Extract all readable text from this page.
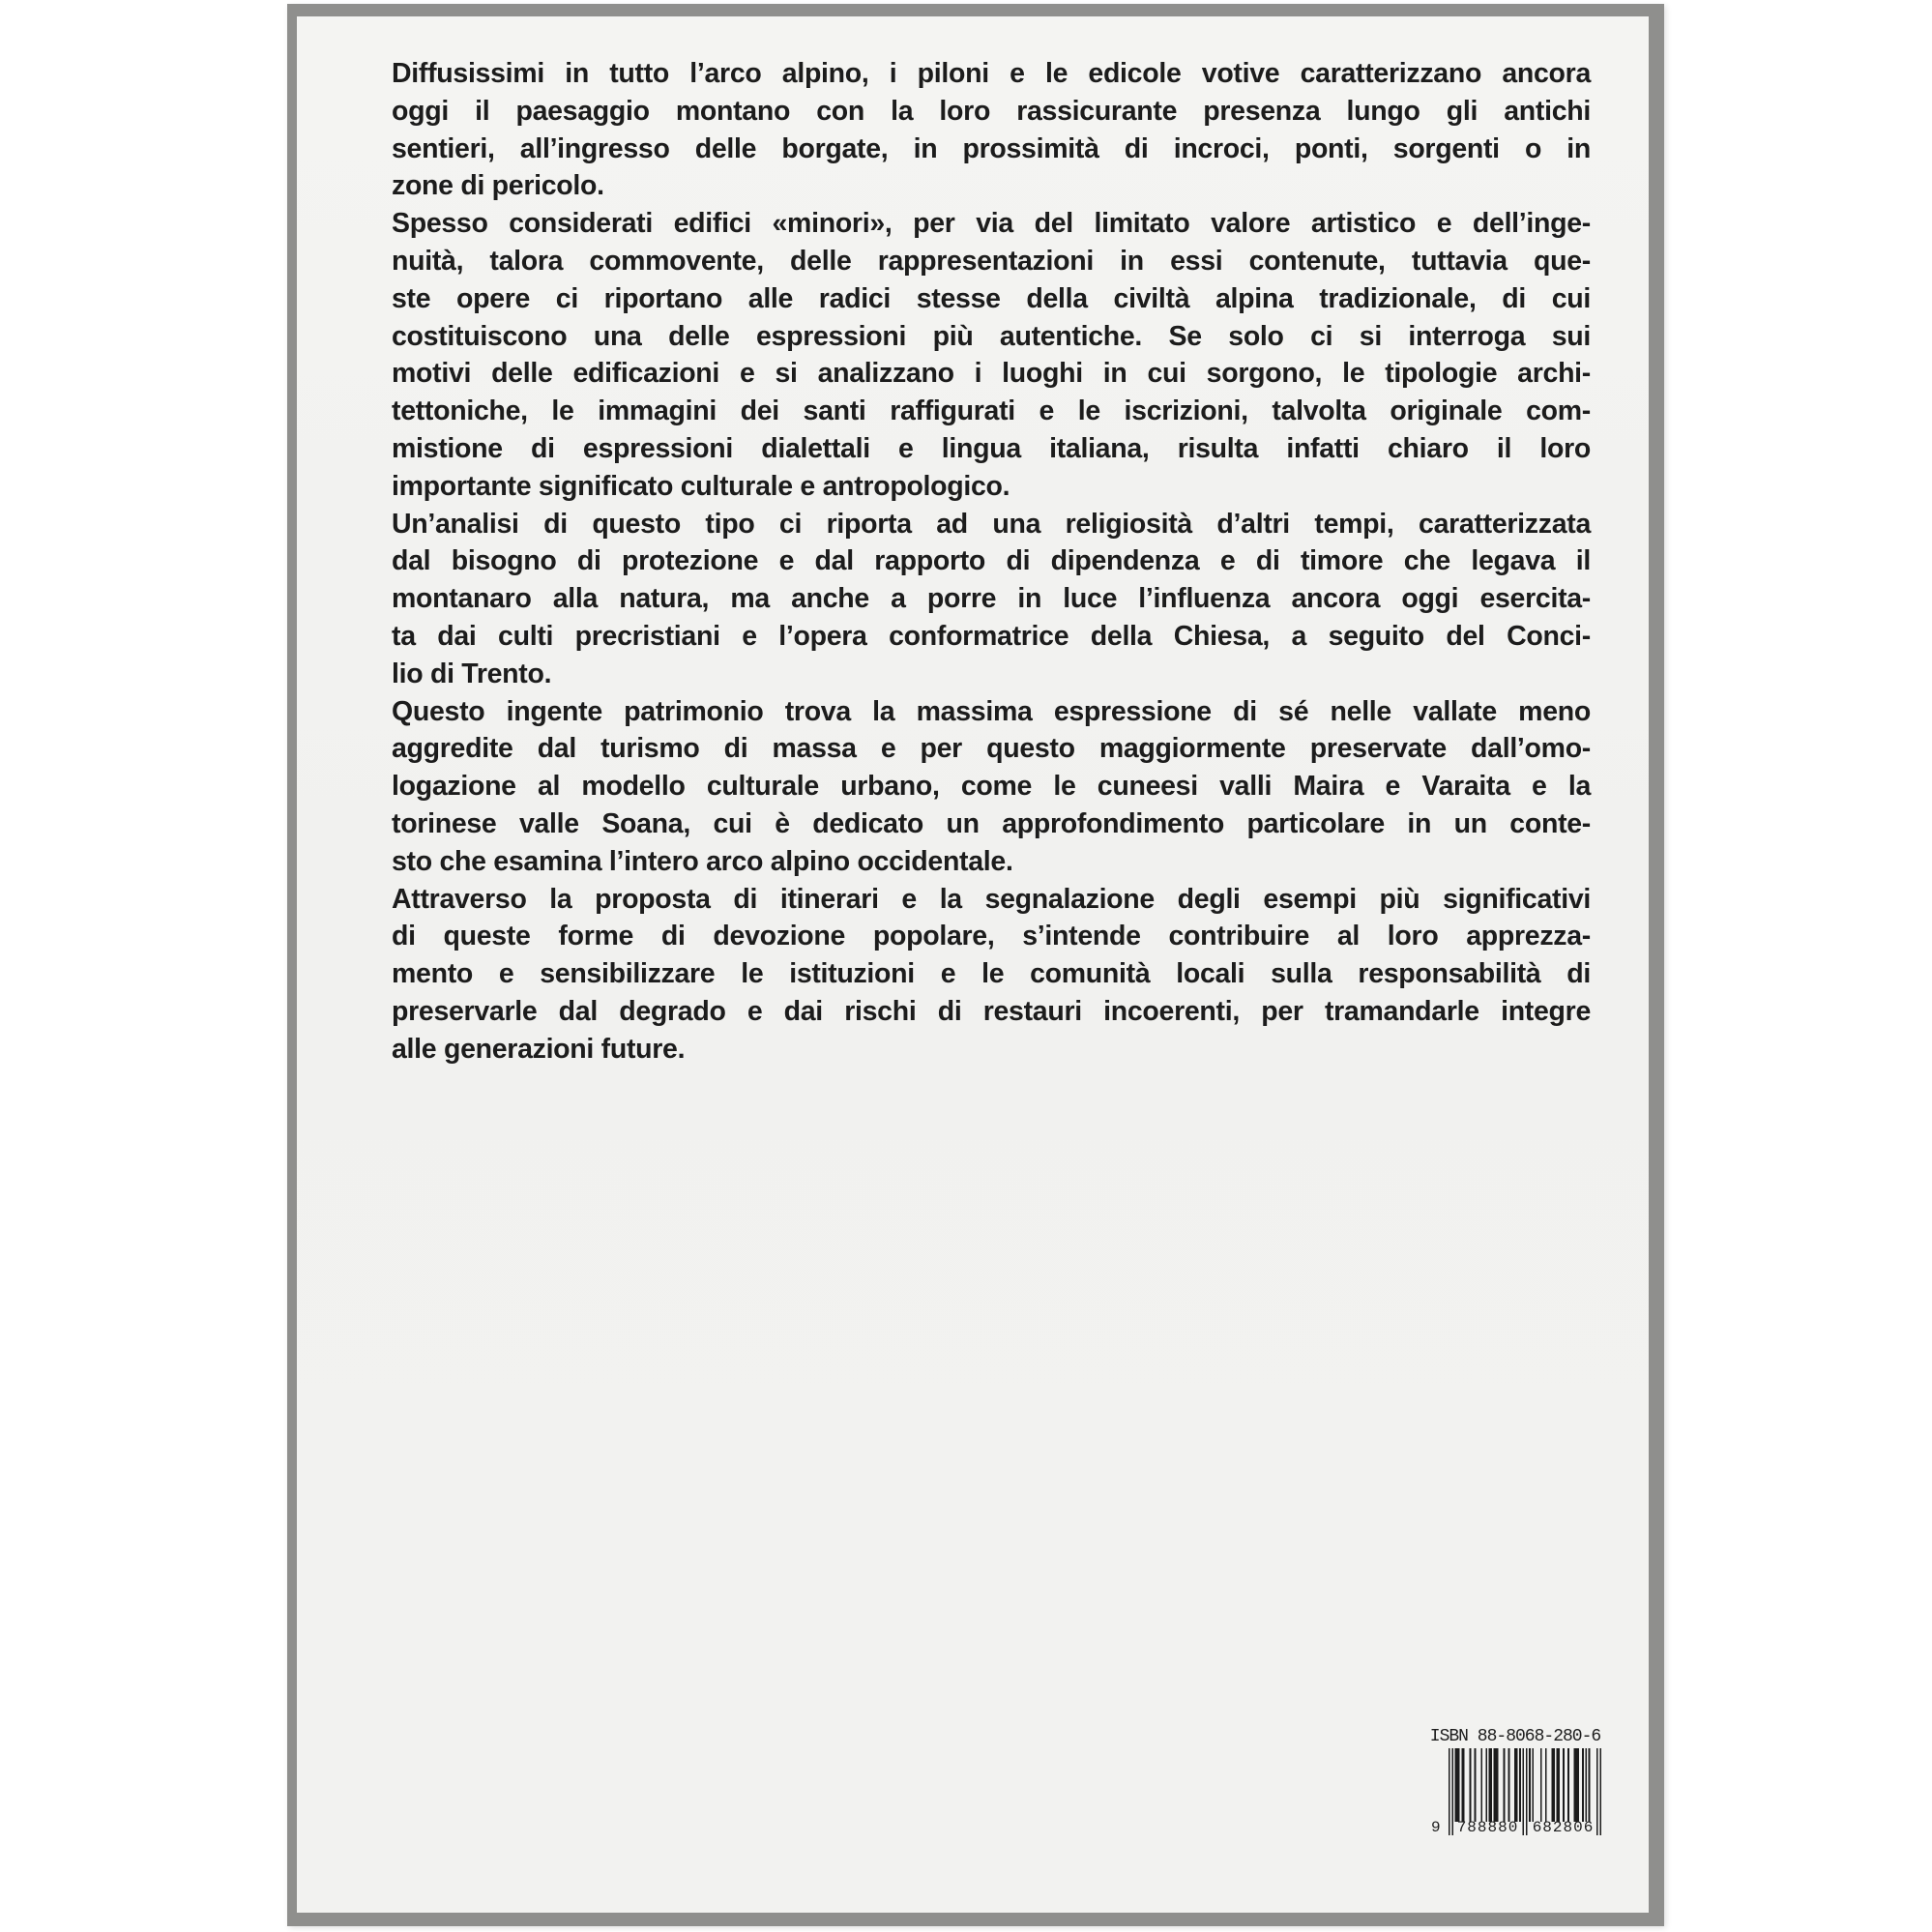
Diffusissimi in tutto l’arco alpino, i piloni e le edicole votive caratterizzano ancora
oggi il paesaggio montano con la loro rassicurante presenza lungo gli antichi
sentieri, all’ingresso delle borgate, in prossimità di incroci, ponti, sorgenti o in
zone di pericolo.
Spesso considerati edifici «minori», per via del limitato valore artistico e dell’inge-
nuità, talora commovente, delle rappresentazioni in essi contenute, tuttavia que-
ste opere ci riportano alle radici stesse della civiltà alpina tradizionale, di cui
costituiscono una delle espressioni più autentiche. Se solo ci si interroga sui
motivi delle edificazioni e si analizzano i luoghi in cui sorgono, le tipologie archi-
tettoniche, le immagini dei santi raffigurati e le iscrizioni, talvolta originale com-
mistione di espressioni dialettali e lingua italiana, risulta infatti chiaro il loro
importante significato culturale e antropologico.
Un’analisi di questo tipo ci riporta ad una religiosità d’altri tempi, caratterizzata
dal bisogno di protezione e dal rapporto di dipendenza e di timore che legava il
montanaro alla natura, ma anche a porre in luce l’influenza ancora oggi esercita-
ta dai culti precristiani e l’opera conformatrice della Chiesa, a seguito del Conci-
lio di Trento.
Questo ingente patrimonio trova la massima espressione di sé nelle vallate meno
aggredite dal turismo di massa e per questo maggiormente preservate dall’omo-
logazione al modello culturale urbano, come le cuneesi valli Maira e Varaita e la
torinese valle Soana, cui è dedicato un approfondimento particolare in un conte-
sto che esamina l’intero arco alpino occidentale.
Attraverso la proposta di itinerari e la segnalazione degli esempi più significativi
di queste forme di devozione popolare, s’intende contribuire al loro apprezza-
mento e sensibilizzare le istituzioni e le comunità locali sulla responsabilità di
preservarle dal degrado e dai rischi di restauri incoerenti, per tramandarle integre
alle generazioni future.
ISBN 88-8068-280-6
9 788880 682806
